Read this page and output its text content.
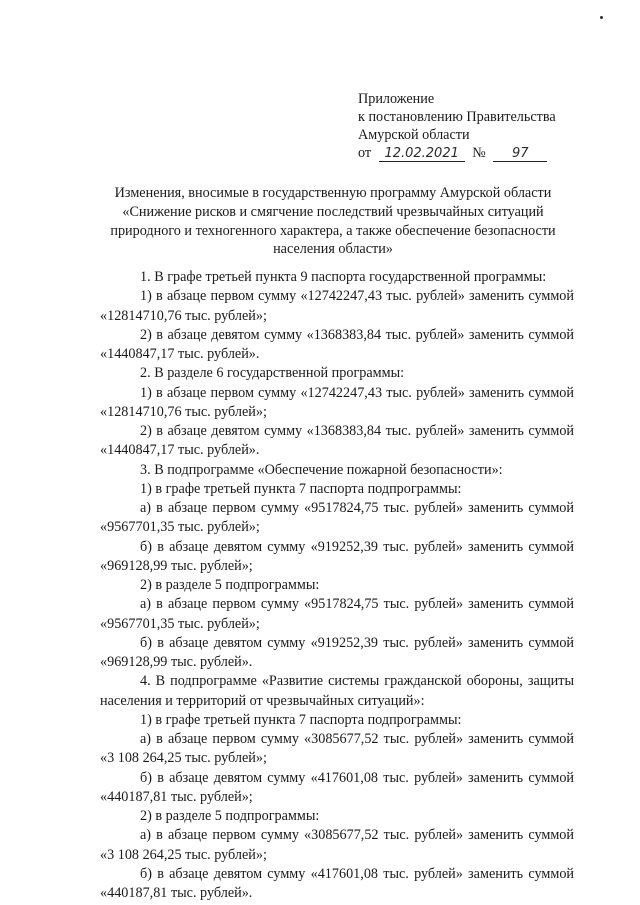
Приложение
к постановлению Правительства
Амурской области
от 12.02.2021 № 97
Изменения, вносимые в государственную программу Амурской области
«Снижение рисков и смягчение последствий чрезвычайных ситуаций
природного и техногенного характера, а также обеспечение безопасности
населения области»

1. В графе третьей пункта 9 паспорта государственной программы:

1) в абзаце первом сумму «12742247,43 тыс. рублей» заменить суммой «12814710,76 тыс. рублей»;

2) в абзаце девятом сумму «1368383,84 тыс. рублей» заменить суммой «1440847,17 тыс. рублей».

2. В разделе 6 государственной программы:

1) в абзаце первом сумму «12742247,43 тыс. рублей» заменить суммой «12814710,76 тыс. рублей»;

2) в абзаце девятом сумму «1368383,84 тыс. рублей» заменить суммой «1440847,17 тыс. рублей».

3. В подпрограмме «Обеспечение пожарной безопасности»:

1) в графе третьей пункта 7 паспорта подпрограммы:

а) в абзаце первом сумму «9517824,75 тыс. рублей» заменить суммой «9567701,35 тыс. рублей»;

б) в абзаце девятом сумму «919252,39 тыс. рублей» заменить суммой «969128,99 тыс. рублей»;

2) в разделе 5 подпрограммы:

а) в абзаце первом сумму «9517824,75 тыс. рублей» заменить суммой «9567701,35 тыс. рублей»;

б) в абзаце девятом сумму «919252,39 тыс. рублей» заменить суммой «969128,99 тыс. рублей».

4. В подпрограмме «Развитие системы гражданской обороны, защиты населения и территорий от чрезвычайных ситуаций»:

1) в графе третьей пункта 7 паспорта подпрограммы:

а) в абзаце первом сумму «3085677,52 тыс. рублей» заменить суммой «3 108 264,25 тыс. рублей»;

б) в абзаце девятом сумму «417601,08 тыс. рублей» заменить суммой «440187,81 тыс. рублей»;

2) в разделе 5 подпрограммы:

а) в абзаце первом сумму «3085677,52 тыс. рублей» заменить суммой «3 108 264,25 тыс. рублей»;

б) в абзаце девятом сумму «417601,08 тыс. рублей» заменить суммой «440187,81 тыс. рублей».
